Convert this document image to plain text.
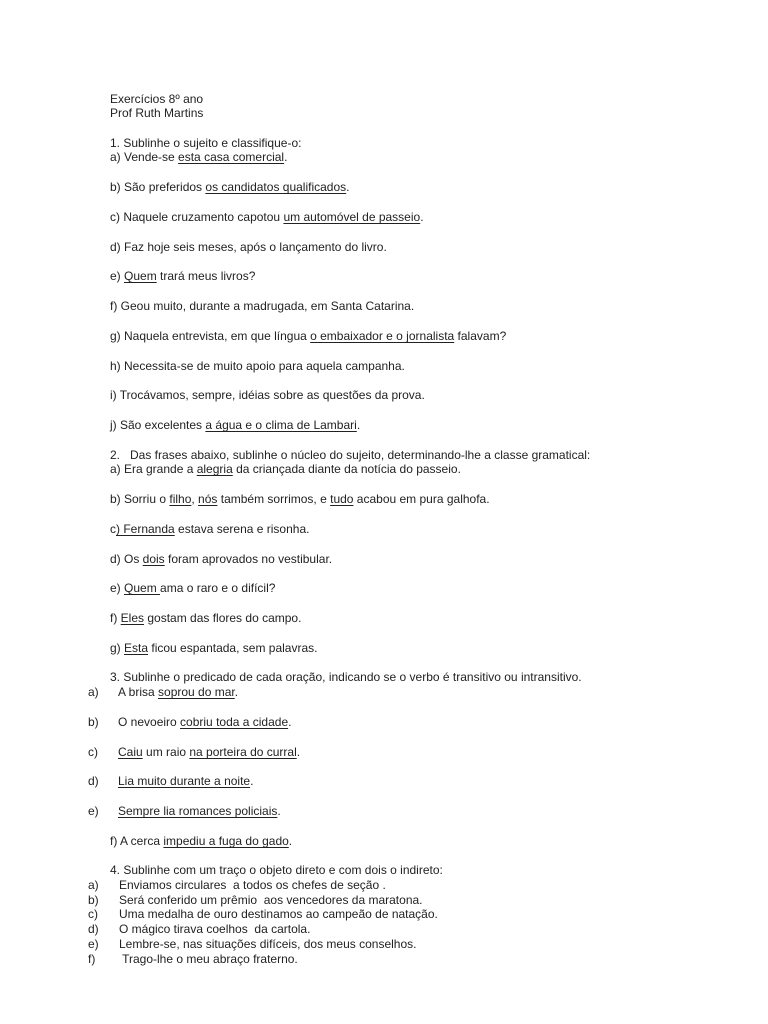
Exercícios 8º ano
Prof Ruth Martins
1. Sublinhe o sujeito e classifique-o:
a) Vende-se esta casa comercial.
b) São preferidos os candidatos qualificados.
c) Naquele cruzamento capotou um automóvel de passeio.
d) Faz hoje seis meses, após o lançamento do livro.
e) Quem trará meus livros?
f) Geou muito, durante a madrugada, em Santa Catarina.
g) Naquela entrevista, em que língua o embaixador e o jornalista falavam?
h) Necessita-se de muito apoio para aquela campanha.
i) Trocávamos, sempre, idéias sobre as questões da prova.
j) São excelentes a água e o clima de Lambari.
2.   Das frases abaixo, sublinhe o núcleo do sujeito, determinando-lhe a classe gramatical:
a) Era grande a alegria da criançada diante da notícia do passeio.
b) Sorriu o filho, nós também sorrimos, e tudo acabou em pura galhofa.
c) Fernanda estava serena e risonha.
d) Os dois foram aprovados no vestibular.
e) Quem ama o raro e o difícil?
f) Eles gostam das flores do campo.
g) Esta ficou espantada, sem palavras.
3. Sublinhe o predicado de cada oração, indicando se o verbo é transitivo ou intransitivo.
a) A brisa soprou do mar.
b) O nevoeiro cobriu toda a cidade.
c) Caiu um raio na porteira do curral.
d) Lia muito durante a noite.
e) Sempre lia romances policiais.
f) A cerca impediu a fuga do gado.
4. Sublinhe com um traço o objeto direto e com dois o indireto:
a) Enviamos circulares  a todos os chefes de seção .
b) Será conferido um prêmio  aos vencedores da maratona.
c) Uma medalha de ouro destinamos ao campeão de natação.
d) O mágico tirava coelhos  da cartola.
e) Lembre-se, nas situações difíceis, dos meus conselhos.
f) Trago-lhe o meu abraço fraterno.
